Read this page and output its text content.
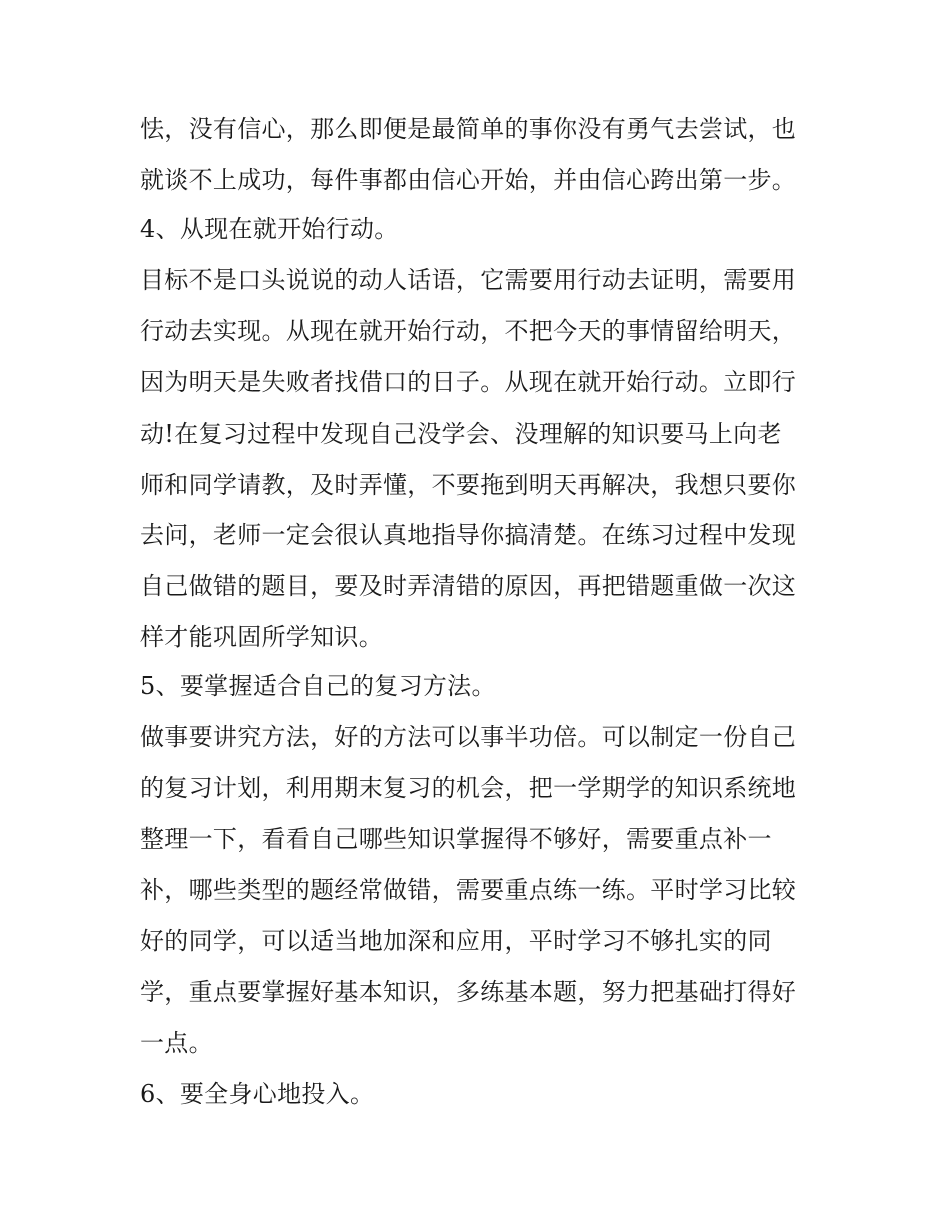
怯，没有信心，那么即便是最简单的事你没有勇气去尝试，也
就谈不上成功，每件事都由信心开始，并由信心跨出第一步。
4、从现在就开始行动。
目标不是口头说说的动人话语，它需要用行动去证明，需要用
行动去实现。从现在就开始行动，不把今天的事情留给明天，
因为明天是失败者找借口的日子。从现在就开始行动。立即行
动!在复习过程中发现自己没学会、没理解的知识要马上向老
师和同学请教，及时弄懂，不要拖到明天再解决，我想只要你
去问，老师一定会很认真地指导你搞清楚。在练习过程中发现
自己做错的题目，要及时弄清错的原因，再把错题重做一次这
样才能巩固所学知识。
5、要掌握适合自己的复习方法。
做事要讲究方法，好的方法可以事半功倍。可以制定一份自己
的复习计划，利用期末复习的机会，把一学期学的知识系统地
整理一下，看看自己哪些知识掌握得不够好，需要重点补一
补，哪些类型的题经常做错，需要重点练一练。平时学习比较
好的同学，可以适当地加深和应用，平时学习不够扎实的同
学，重点要掌握好基本知识，多练基本题，努力把基础打得好
一点。
6、要全身心地投入。
